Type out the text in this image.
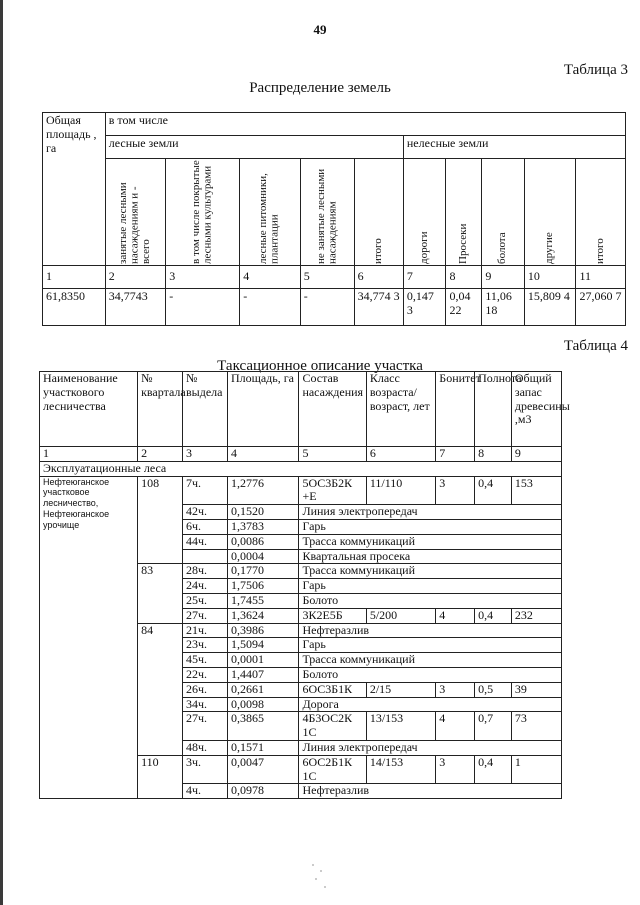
49
Таблица 3
Распределение земель
Общая площадь , га	в том числе									
	лесные земли					нелесные земли				

	занятые лесными насаждениям и - всего	в том числе покрытые лесными культурами	лесные питомники, плантации	не занятые лесными насаждениям	итого	дороги	Просеки	болота	другие	итого

1	2	3	4	5	6	7	8	9	10	11
61,8350	34,7743	-	-	-	34,774 3	0,147 3	0,04 22	11,06 18	15,809 4	27,060 7
Таблица 4
Таксационное описание участка
Наименование участкового лесничества	№ квартала	№ выдела	Площадь, га	Состав насаждения	Класс возраста/ возраст, лет	Бонитет	Полнота	Общий запас древесины ,м3
1	2	3	4	5	6	7	8	9
Эксплуатационные леса								
Нефтеюганское участковое лесничество, Нефтеюганское урочище	108	7ч.	1,2776	5ОС3Б2К +Е	11/110	3	0,4	153
		42ч.	0,1520	Линия электропередач				
		6ч.	1,3783	Гарь				
		44ч.	0,0086	Трасса коммуникаций				
			0,0004	Квартальная просека				
	83	28ч.	0,1770	Трасса коммуникаций				
		24ч.	1,7506	Гарь				
		25ч.	1,7455	Болото				
		27ч.	1,3624	3К2Е5Б	5/200	4	0,4	232
	84	21ч.	0,3986	Нефтеразлив				
		23ч.	1,5094	Гарь				
		45ч.	0,0001	Трасса коммуникаций				
		22ч.	1,4407	Болото				
		26ч.	0,2661	6ОС3Б1К	2/15	3	0,5	39
		34ч.	0,0098	Дорога				
		27ч.	0,3865	4Б3ОС2К 1С	13/153	4	0,7	73
		48ч.	0,1571	Линия электропередач				
	110	3ч.	0,0047	6ОС2Б1К 1С	14/153	3	0,4	1

		4ч.	0,0978	Нефтеразлив				
